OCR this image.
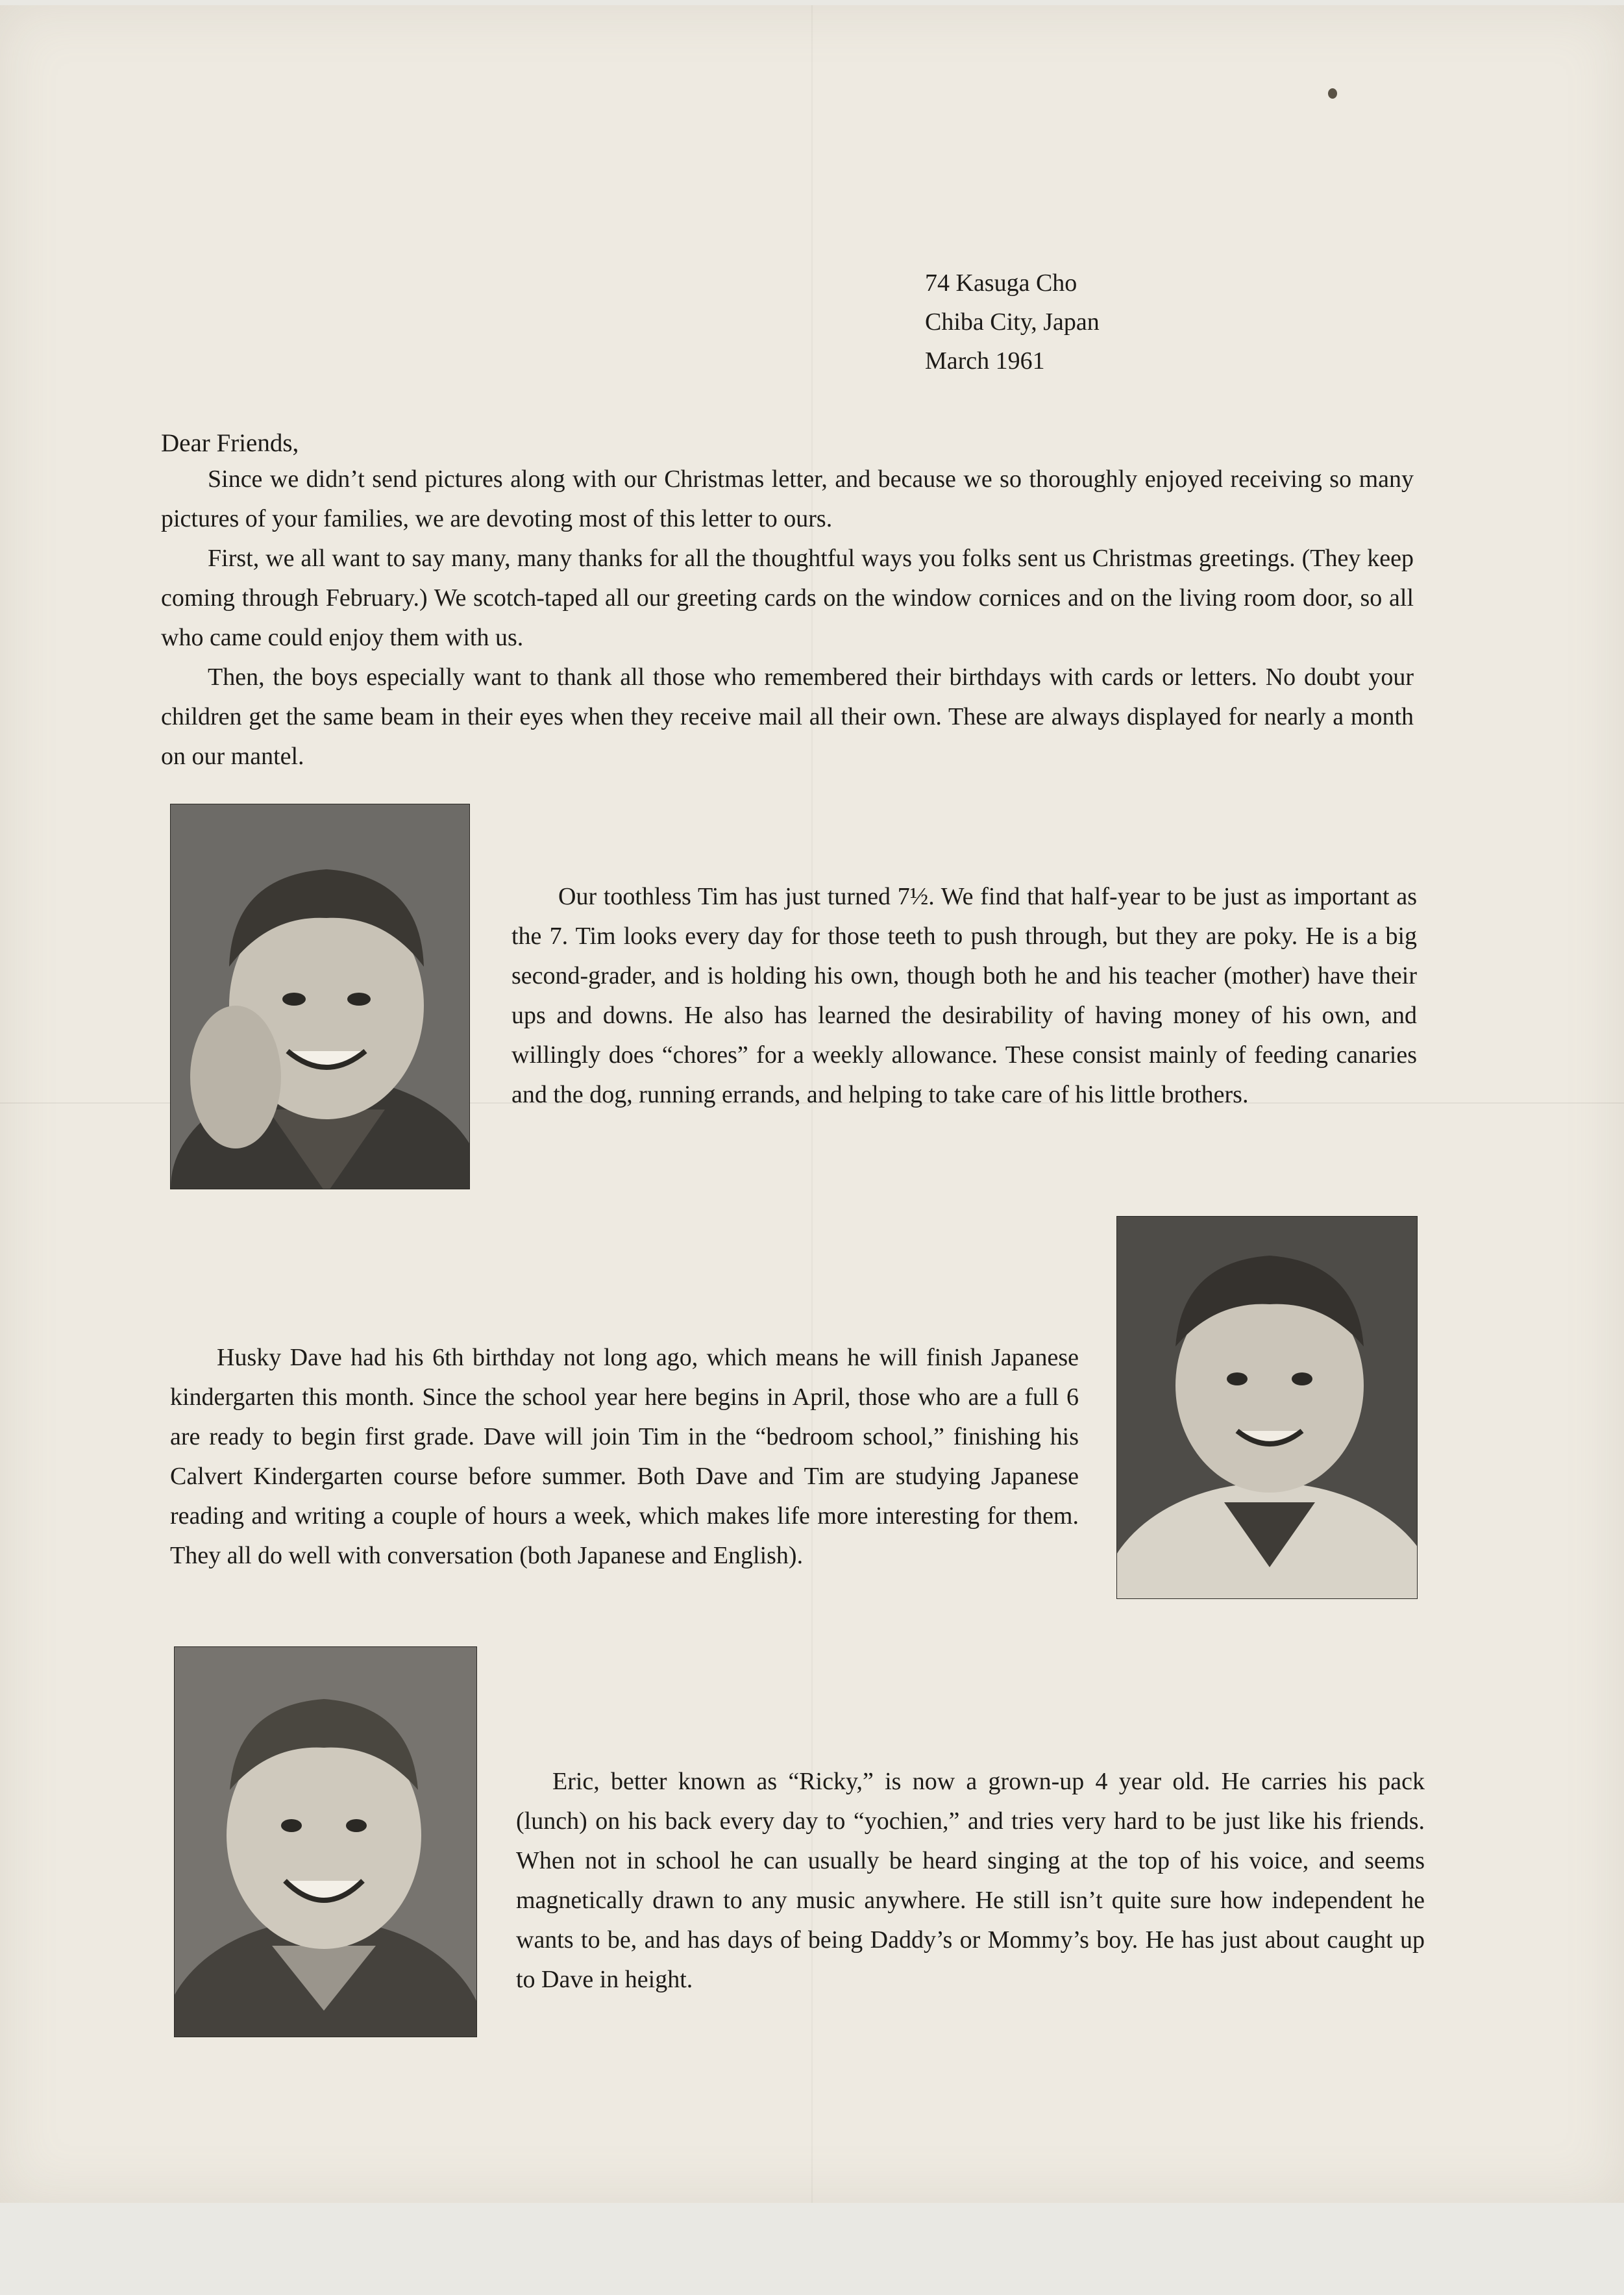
74 Kasuga Cho
Chiba City, Japan
March 1961
Dear Friends,

Since we didn’t send pictures along with our Christmas letter, and because we so thoroughly enjoyed receiving so many pictures of your families, we are devoting most of this letter to ours.

First, we all want to say many, many thanks for all the thoughtful ways you folks sent us Christmas greetings. (They keep coming through February.) We scotch-taped all our greeting cards on the window cornices and on the living room door, so all who came could enjoy them with us.

Then, the boys especially want to thank all those who remembered their birthdays with cards or letters. No doubt your children get the same beam in their eyes when they receive mail all their own. These are always displayed for nearly a month on our mantel.

Our toothless Tim has just turned 7½. We find that half-year to be just as important as the 7. Tim looks every day for those teeth to push through, but they are poky. He is a big second-grader, and is holding his own, though both he and his teacher (mother) have their ups and downs. He also has learned the desirability of having money of his own, and willingly does “chores” for a weekly allowance. These consist mainly of feeding canaries and the dog, running errands, and helping to take care of his little brothers.

Husky Dave had his 6th birthday not long ago, which means he will finish Japanese kindergarten this month. Since the school year here begins in April, those who are a full 6 are ready to begin first grade. Dave will join Tim in the “bedroom school,” finishing his Calvert Kindergarten course before summer. Both Dave and Tim are studying Japanese reading and writing a couple of hours a week, which makes life more interesting for them. They all do well with conversation (both Japanese and English).

Eric, better known as “Ricky,” is now a grown-up 4 year old. He carries his pack (lunch) on his back every day to “yochien,” and tries very hard to be just like his friends. When not in school he can usually be heard singing at the top of his voice, and seems magnetically drawn to any music anywhere. He still isn’t quite sure how independent he wants to be, and has days of being Daddy’s or Mommy’s boy. He has just about caught up to Dave in height.
